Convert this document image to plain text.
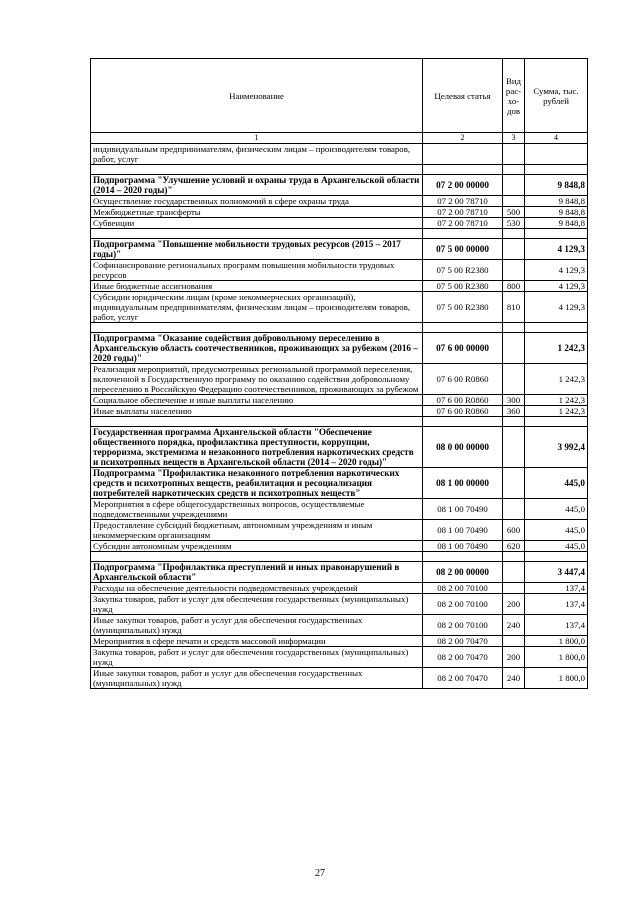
Наименование	Целевая статья	Вид рас-хо-дов	Сумма, тыс. рублей
1	2	3	4
индивидуальным предпринимателям, физическим лицам – производителям товаров, работ, услуг			

Подпрограмма "Улучшение условий и охраны труда в Архангельской области (2014 – 2020 годы)"	07 2 00 00000		9 848,8
Осуществление государственных полномочий в сфере охраны труда	07 2 00 78710		9 848,8
Межбюджетные трансферты	07 2 00 78710	500	9 848,8
Субвенции	07 2 00 78710	530	9 848,8

Подпрограмма "Повышение мобильности трудовых ресурсов (2015 – 2017 годы)"	07 5 00 00000		4 129,3
Софинансирование региональных программ повышения мобильности трудовых ресурсов	07 5 00 R2380		4 129,3
Иные бюджетные ассигнования	07 5 00 R2380	800	4 129,3
Субсидии юридическим лицам (кроме некоммерческих организаций), индивидуальным предпринимателям, физическим лицам – производителям товаров, работ, услуг	07 5 00 R2380	810	4 129,3

Подпрограмма "Оказание содействия добровольному переселению в Архангельскую область соотечественников, проживающих за рубежом (2016 – 2020 годы)"	07 6 00 00000		1 242,3
Реализация мероприятий, предусмотренных региональной программой переселения, включенной в Государственную программу по оказанию содействия добровольному переселению в Российскую Федерацию соотечественников, проживающих за рубежом	07 6 00 R0860		1 242,3
Социальное обеспечение и иные выплаты населению	07 6 00 R0860	300	1 242,3
Иные выплаты населению	07 6 00 R0860	360	1 242,3

Государственная программа Архангельской области "Обеспечение общественного порядка, профилактика преступности, коррупции, терроризма, экстремизма и незаконного потребления наркотических средств и психотропных веществ в Архангельской области (2014 – 2020 годы)"	08 0 00 00000		3 992,4
Подпрограмма "Профилактика незаконного потребления наркотических средств и психотропных веществ, реабилитация и ресоциализация потребителей наркотических средств и психотропных веществ"	08 1 00 00000		445,0
Мероприятия в сфере общегосударственных вопросов, осуществляемые подведомственными учреждениями	08 1 00 70490		445,0
Предоставление субсидий бюджетным, автономным учреждениям и иным некоммерческим организациям	08 1 00 70490	600	445,0
Субсидии автономным учреждениям	08 1 00 70490	620	445,0

Подпрограмма "Профилактика преступлений и иных правонарушений в Архангельской области"	08 2 00 00000		3 447,4
Расходы на обеспечение деятельности подведомственных учреждений	08 2 00 70100		137,4
Закупка товаров, работ и услуг для обеспечения государственных (муниципальных) нужд	08 2 00 70100	200	137,4
Иные закупки товаров, работ и услуг для обеспечения государственных (муниципальных) нужд	08 2 00 70100	240	137,4
Мероприятия в сфере печати и средств массовой информации	08 2 00 70470		1 800,0
Закупка товаров, работ и услуг для обеспечения государственных (муниципальных) нужд	08 2 00 70470	200	1 800,0
Иные закупки товаров, работ и услуг для обеспечения государственных (муниципальных) нужд	08 2 00 70470	240	1 800,0
27
